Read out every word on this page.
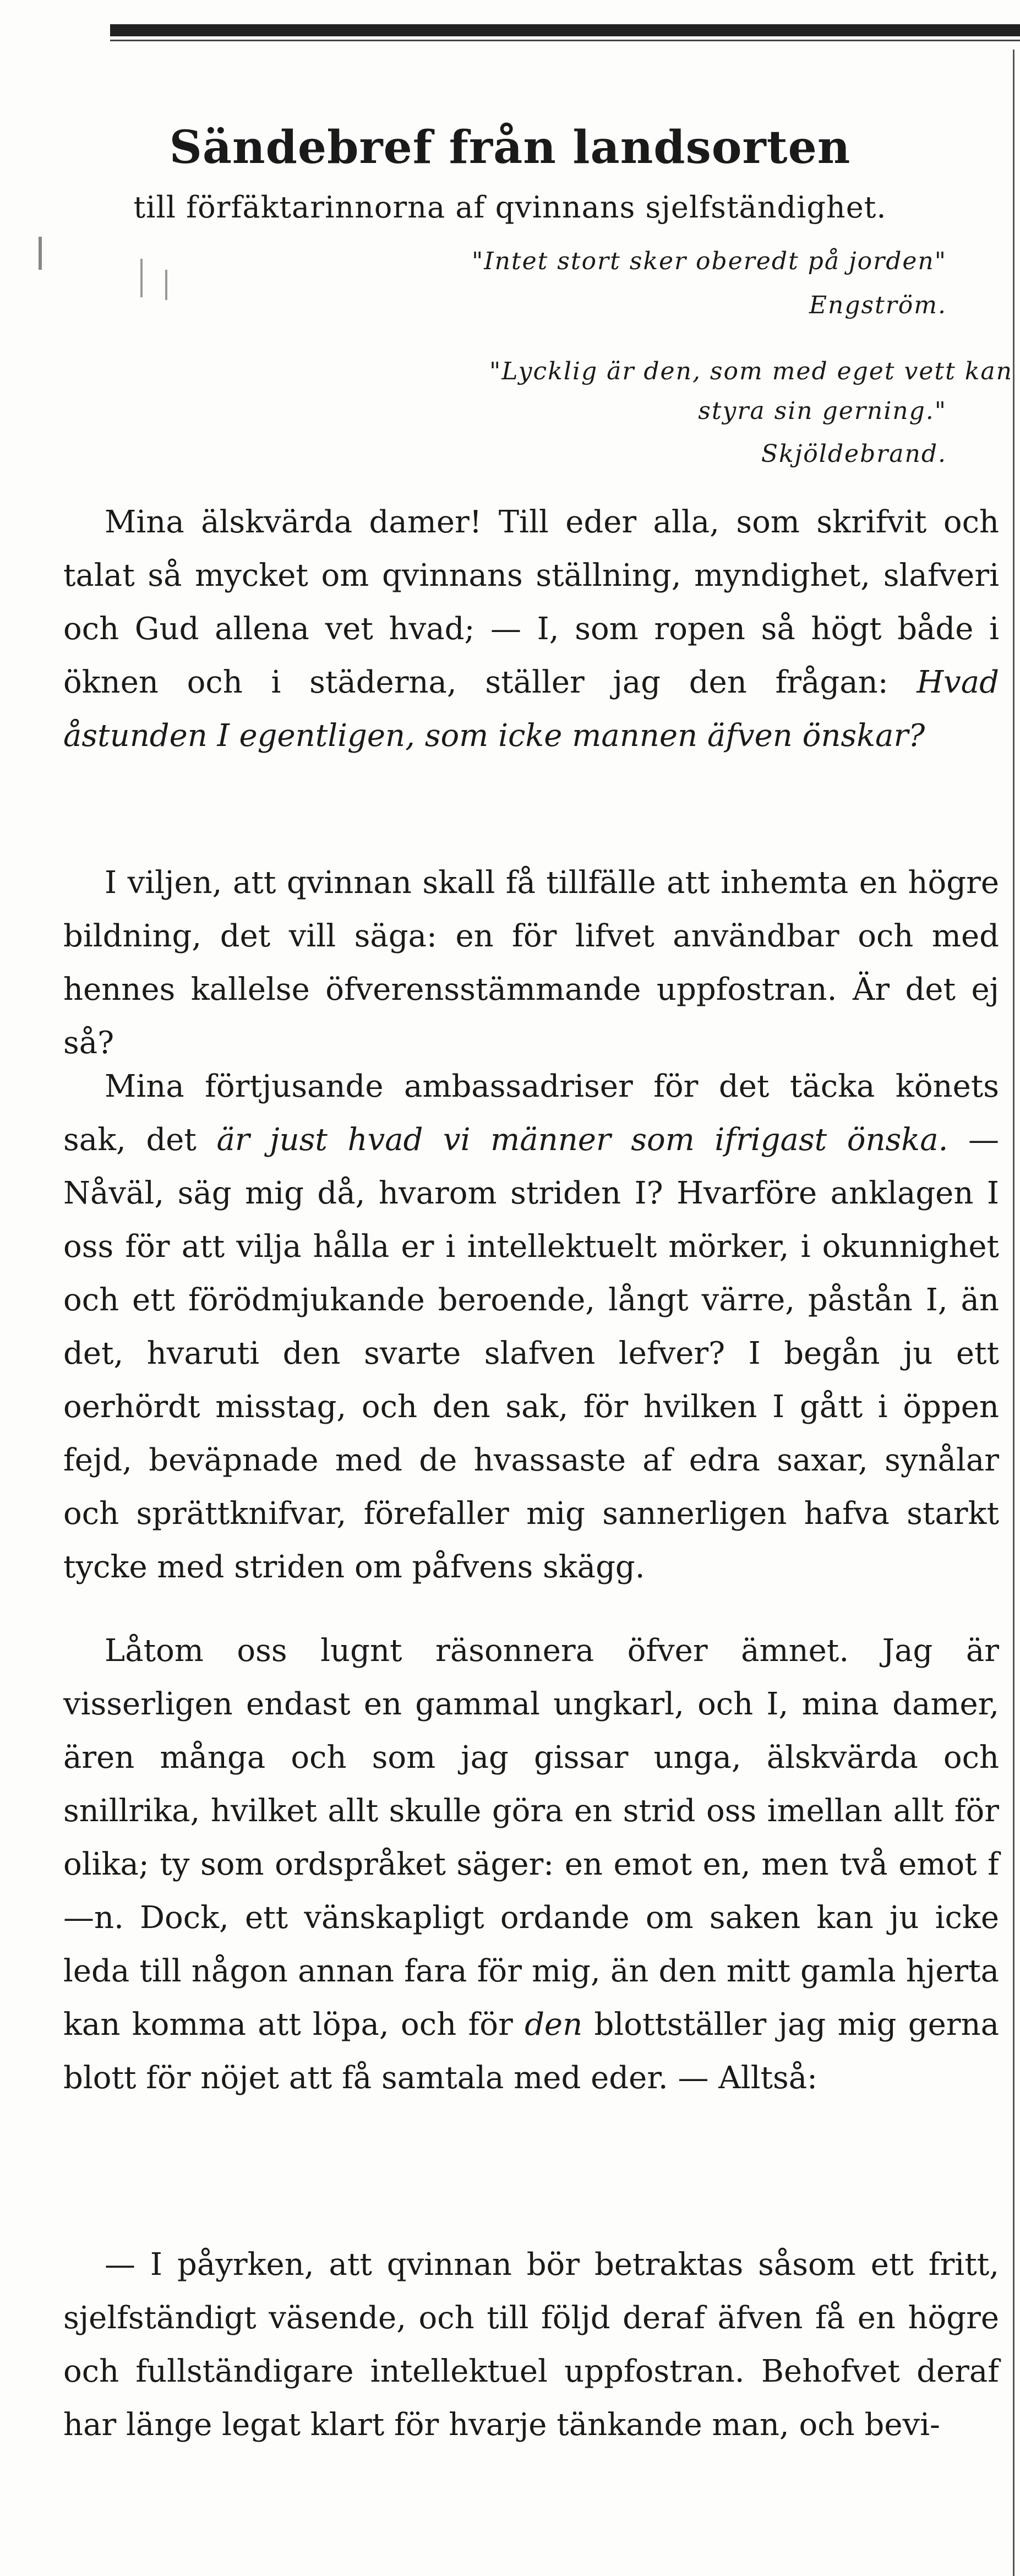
Sändebref från landsorten
till förfäktarinnorna af qvinnans sjelfständighet.
"Intet stort sker oberedt på jorden"
Engström.
"Lycklig är den, som med eget vett kan
styra sin gerning."
Skjöldebrand.

Mina älskvärda damer! Till eder alla, som skrifvit och talat så mycket om qvinnans ställning, myndighet, slafveri och Gud allena vet hvad; — I, som ropen så högt både i öknen och i städerna, ställer jag den frågan: Hvad åstunden I egentligen, som icke mannen äfven önskar?

I viljen, att qvinnan skall få tillfälle att inhemta en högre bildning, det vill säga: en för lifvet användbar och med hennes kallelse öfverensstämmande uppfostran. Är det ej så?

Mina förtjusande ambassadriser för det täcka könets sak, det är just hvad vi männer som ifrigast önska. — Nåväl, säg mig då, hvarom striden I? Hvarföre anklagen I oss för att vilja hålla er i intellektuelt mörker, i okunnighet och ett förödmjukande beroende, långt värre, påstån I, än det, hvaruti den svarte slafven lefver? I begån ju ett oerhördt misstag, och den sak, för hvilken I gått i öppen fejd, beväpnade med de hvassaste af edra saxar, synålar och sprättknifvar, förefaller mig sannerligen hafva starkt tycke med striden om påfvens skägg.

Låtom oss lugnt räsonnera öfver ämnet. Jag är visserligen endast en gammal ungkarl, och I, mina damer, ären många och som jag gissar unga, älskvärda och snillrika, hvilket allt skulle göra en strid oss imellan allt för olika; ty som ordspråket säger: en emot en, men två emot f—n. Dock, ett vänskapligt ordande om saken kan ju icke leda till någon annan fara för mig, än den mitt gamla hjerta kan komma att löpa, och för den blottställer jag mig gerna blott för nöjet att få samtala med eder. — Alltså:

— I påyrken, att qvinnan bör betraktas såsom ett fritt, sjelfständigt väsende, och till följd deraf äfven få en högre och fullständigare intellektuel uppfostran. Behofvet deraf har länge legat klart för hvarje tänkande man, och bevi-
